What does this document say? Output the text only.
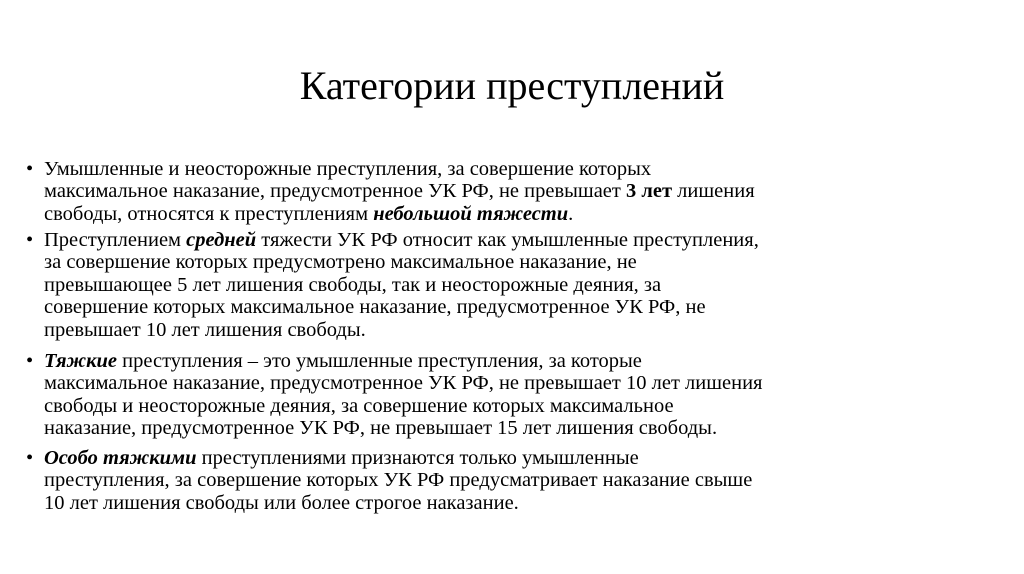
Категории преступлений
• Умышленные и неосторожные преступления, за совершение которых
максимальное наказание, предусмотренное УК РФ, не превышает 3 лет лишения
свободы, относятся к преступлениям небольшой тяжести.
• Преступлением средней тяжести УК РФ относит как умышленные преступления,
за совершение которых предусмотрено максимальное наказание, не
превышающее 5 лет лишения свободы, так и неосторожные деяния, за
совершение которых максимальное наказание, предусмотренное УК РФ, не
превышает 10 лет лишения свободы.
• Тяжкие преступления – это умышленные преступления, за которые
максимальное наказание, предусмотренное УК РФ, не превышает 10 лет лишения
свободы и неосторожные деяния, за совершение которых максимальное
наказание, предусмотренное УК РФ, не превышает 15 лет лишения свободы.
• Особо тяжкими преступлениями признаются только умышленные
преступления, за совершение которых УК РФ предусматривает наказание свыше
10 лет лишения свободы или более строгое наказание.
